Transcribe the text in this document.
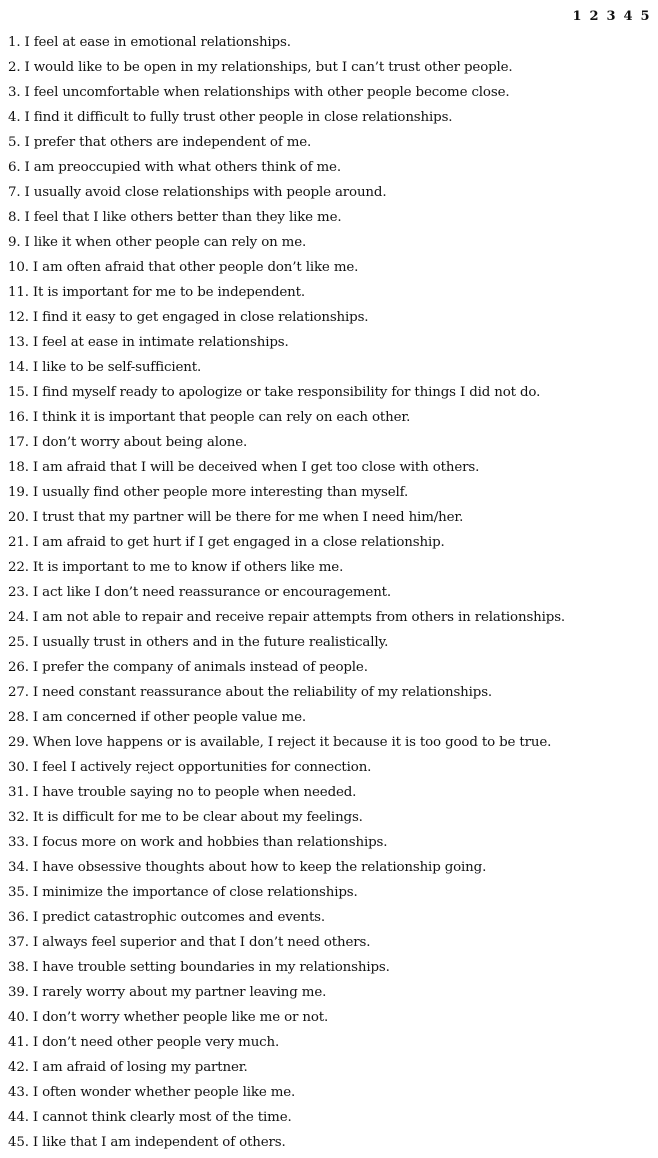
1 2 3 4 5
1. I feel at ease in emotional relationships.
2. I would like to be open in my relationships, but I can’t trust other people.
3. I feel uncomfortable when relationships with other people become close.
4. I find it difficult to fully trust other people in close relationships.
5. I prefer that others are independent of me.
6. I am preoccupied with what others think of me.
7. I usually avoid close relationships with people around.
8. I feel that I like others better than they like me.
9. I like it when other people can rely on me.
10. I am often afraid that other people don’t like me.
11. It is important for me to be independent.
12. I find it easy to get engaged in close relationships.
13. I feel at ease in intimate relationships.
14. I like to be self-sufficient.
15. I find myself ready to apologize or take responsibility for things I did not do.
16. I think it is important that people can rely on each other.
17. I don’t worry about being alone.
18. I am afraid that I will be deceived when I get too close with others.
19. I usually find other people more interesting than myself.
20. I trust that my partner will be there for me when I need him/her.
21. I am afraid to get hurt if I get engaged in a close relationship.
22. It is important to me to know if others like me.
23. I act like I don’t need reassurance or encouragement.
24. I am not able to repair and receive repair attempts from others in relationships.
25. I usually trust in others and in the future realistically.
26. I prefer the company of animals instead of people.
27. I need constant reassurance about the reliability of my relationships.
28. I am concerned if other people value me.
29. When love happens or is available, I reject it because it is too good to be true.
30. I feel I actively reject opportunities for connection.
31. I have trouble saying no to people when needed.
32. It is difficult for me to be clear about my feelings.
33. I focus more on work and hobbies than relationships.
34. I have obsessive thoughts about how to keep the relationship going.
35. I minimize the importance of close relationships.
36. I predict catastrophic outcomes and events.
37. I always feel superior and that I don’t need others.
38. I have trouble setting boundaries in my relationships.
39. I rarely worry about my partner leaving me.
40. I don’t worry whether people like me or not.
41. I don’t need other people very much.
42. I am afraid of losing my partner.
43. I often wonder whether people like me.
44. I cannot think clearly most of the time.
45. I like that I am independent of others.
